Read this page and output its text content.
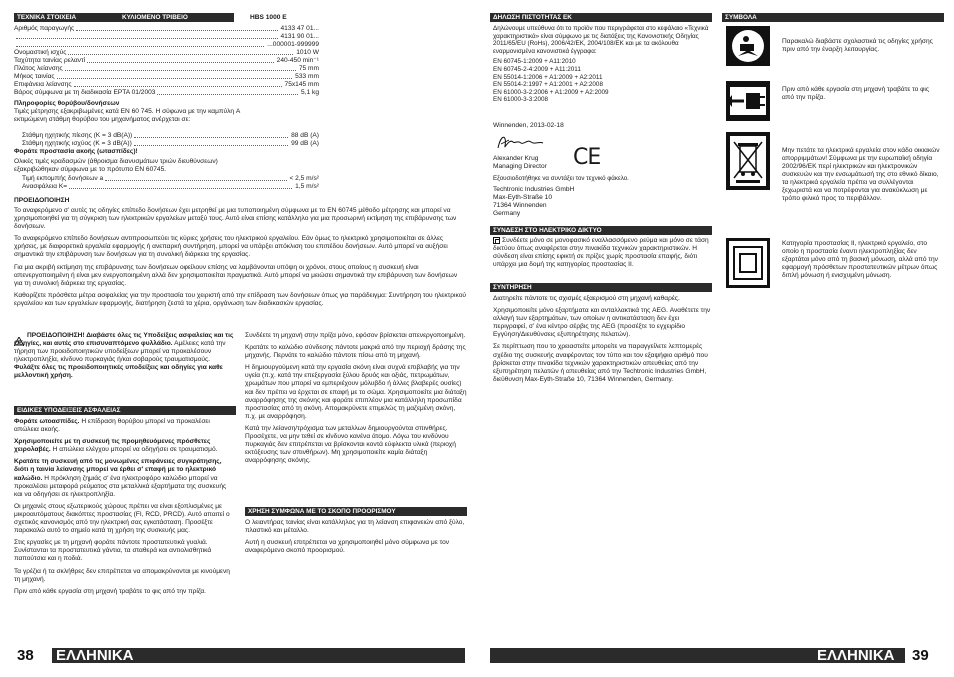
ΤΕΧΝΙΚΑ ΣΤΟΙΧΕΙΑ	ΚΥΛΙΟΜΕΝΟ ΤΡΙΒΕΙΟ	HBS 1000 E
Αριθμός παραγωγής	4133 47 01...
4131 90 01...
...000001-999999
Ονομαστική ισχύς	1010 W
Ταχύτητα ταινίας ρελαντί	240-450 min⁻¹
Πλάτος λείανσης	75 mm
Μήκος ταινίας	533 mm
Επιφάνεια λείανσης	75x145 mm
Βάρος σύμφωνα με τη διαδικασία EPTA 01/2003	5,1 kg
Πληροφορίες θορύβου/δονήσεων
Τιμές μέτρησης εξακριβωμένες κατά EN 60 745. Η σύφωνα με την καμπύλη A εκτιμώμενη στάθμη θορύβου του μηχανήματος ανέρχεται σε:
Στάθμη ηχητικής πίεσης (K = 3 dB(A))	88 dB (A)
Στάθμη ηχητικής ισχύος (K = 3 dB(A))	99 dB (A)
Φοράτε προστασία ακοής (ωτασπίδες)!
Ολικές τιμές κραδασμών (άθροισμα διανυσμάτων τριών διευθύνσεων) εξακριβώθηκαν σύμφωνα με το πρότυπο EN 60745.
Τιμή εκπομπής δονήσεων a	< 2,5 m/s²
Ανασφάλεια K=	1,5 m/s²
ΠΡΟΕΙΔΟΠΟΙΗΣΗ

Το αναφερόμενο σ' αυτές τις οδηγίες επίπεδο δονήσεων έχει μετρηθεί με μια τυποποιημένη σύμφωνα με το EN 60745 μέθοδο μέτρησης και μπορεί να χρησιμοποιηθεί για τη σύγκριση των ηλεκτρικών εργαλείων μεταξύ τους. Αυτό είναι επίσης κατάλληλο για μια προσωρινή εκτίμηση της επιβάρυνσης των δονήσεων.

Το αναφερόμενο επίπεδο δονήσεων αντιπροσωπεύει τις κύριες χρήσεις του ηλεκτρικού εργαλείου. Εάν όμως το ηλεκτρικό χρησιμοποιείται σε άλλες χρήσεις, με διαφορετικά εργαλεία εφαρμογής ή ανεπαρκή συντήρηση, μπορεί να υπάρξει απόκλιση του επιπέδου δονήσεων. Αυτό μπορεί να αυξήσει σημαντικά την επιβάρυνση των δονήσεων για τη συνολική διάρκεια της εργασίας.

Για μια ακριβή εκτίμηση της επιβάρυνσης των δονήσεων οφείλουν επίσης να λαμβάνονται υπόψη οι χρόνοι, στους οποίους η συσκευή είναι απενεργοποιημένη ή είναι μεν ενεργοποιημένη αλλά δεν χρησιμοποιείται πραγματικά. Αυτό μπορεί να μειώσει σημαντικά την επιβάρυνση των δονήσεων για τη συνολική διάρκεια της εργασίας.

Καθορίζετε πρόσθετα μέτρα ασφαλείας για την προστασία του χειριστή από την επίδραση των δονήσεων όπως για παράδειγμα: Συντήρηση του ηλεκτρικού εργαλείου και των εργαλείων εφαρμογής, διατήρηση ζεστά τα χέρια, οργάνωση των διαδικασιών εργασίας.

ΠΡΟΕΙΔΟΠΟΙΗΣΗ! Διαβάστε όλες τις Υποδείξεις ασφαλείας και τις Οδηγίες, και αυτές στο επισυναπτόμενο φυλλάδιο. Αμέλειες κατά την τήρηση των προειδοποιητικών υποδείξεων μπορεί να προκαλέσουν ηλεκτροπληξία, κίνδυνο πυρκαγιάς ή/και σοβαρούς τραυματισμούς.
Φυλάξτε όλες τις προειδοποιητικές υποδείξεις και οδηγίες για καθε μελλοντική χρήση.
ΕΙΔΙΚΕΣ ΥΠΟΔΕΙΞΕΙΣ ΑΣΦΑΛΕΙΑΣ

Φοράτε ωτοασπίδες. Η επίδραση θορύβου μπορεί να προκαλέσει απώλεια ακοής.

Χρησιμοποιείτε με τη συσκευή τις προμηθευόμενες πρόσθετες χειρολαβές. Η απώλεια ελέγχου μπορεί να οδηγήσει σε τραυματισμό.

Κρατάτε τη συσκευή από τις μονωμένες επιφάνειες συγκράτησης, διότι η ταινία λείανσης μπορεί να έρθει σ' επαφή με το ηλεκτρικό καλώδιο. Η πρόκληση ζημιάς σ' ένα ηλεκτροφόρο καλώδιο μπορεί να προκαλέσει μεταφορά ρεύματος στα μεταλλικά εξαρτήματα της συσκευής και να οδηγήσει σε ηλεκτροπληξία.

Οι μηχανές στους εξωτερικούς χώρους πρέπει να είναι εξοπλισμένες με μικροαυτόματους διακόπτες προστασίας (FI, RCD, PRCD). Αυτό απαιτεί ο σχετικός κανονισμός από την ηλεκτρική σας εγκατάσταση. Προσέξτε παρακαλώ αυτό το σημείο κατά τη χρήση της συσκευής μας.

Στις εργασίες με τη μηχανή φοράτε πάντοτε προστατευτικά γυαλιά. Συνίστανται τα προστατευτικά γάντια, τα σταθερά και αντιολισθητικά παπούτσια και η ποδιά.

Τα γρέζια ή τα σκλήθρες δεν επιτρέπεται να απομακρύνονται με κινούμενη τη μηχανή.

Πριν από κάθε εργασία στη μηχανή τραβάτε το φις από την πρίζα.

Συνδέετε τη μηχανή στην πρίζα μόνο, εφόσον βρίσκεται απενεργοποιημένη.

Κρατάτε το καλώδιο σύνδεσης πάντοτε μακριά από την περιοχή δράσης της μηχανής. Περνάτε το καλώδιο πάντοτε πίσω από τη μηχανή.

Η δημιουργούμενη κατά την εργασία σκόνη είναι συχνά επιβλαβής για την υγεία (π.χ. κατά την επεξεργασία ξύλου δρυός και οξιάς, πετρωμάτων, χρωμάτων που μπορεί να εμπεριέχουν μόλυβδο ή άλλες βλαβερές ουσίες) και δεν πρέπει να έρχεται σε επαφή με το σώμα. Χρησιμοποιείτε μια διάταξη αναρρόφησης της σκόνης και φοράτε επιπλέον μια κατάλληλη προσωπίδα προστασίας από τη σκόνη. Απομακρύνετε επιμελώς τη μαζεμένη σκόνη, π.χ. με αναρρόφηση.

Κατά την λείανση/τρόχισμα των μεταλλων δημιουργούνται σπινθήρες. Προσέχετε, να μην τεθεί σε κίνδυνο κανένα άτομο. Λόγω του κινδύνου πυρκαγιάς δεν επιτρέπεται να βρίσκονται κοντά εύφλεκτα υλικά (περιοχή εκτόξευσης των σπινθήρων). Μη χρησιμοποιείτε καμία διάταξη αναρρόφησης σκόνης.

ΧΡΗΣΗ ΣΥΜΦΩΝΑ ΜΕ ΤΟ ΣΚΟΠΟ ΠΡΟΟΡΙΣΜΟΥ

Ο λειαντήρας ταινίας είναι κατάλληλος για τη λείανση επιφανειών από ξύλο, πλαστικό και μέταλλο.

Αυτή η συσκευή επιτρέπεται να χρησιμοποιηθεί μόνο σύμφωνα με τον αναφερόμενο σκοπό προορισμού.

38 ΕΛΛΗΝΙΚΑ
ΔΗΛΩΣΗ ΠΙΣΤΟΤΗΤΑΣ ΕΚ
Δηλώνουμε υπεύθυνα ότι το προϊόν που περιγράφεται στο κεφάλαιο «Τεχνικά χαρακτηριστικά» είναι σύμφωνο με τις διατάξεις της Κανονιστικής Οδηγίας 2011/65/EU (RoHs), 2006/42/EK, 2004/108/EK και με τα ακόλουθα εναρμονισμένα κανονιστικά έγγραφα:
EN 60745-1:2009 + A11:2010
EN 60745-2-4:2009 + A11:2011
EN 55014-1:2006 + A1:2009 + A2:2011
EN 55014-2:1997 + A1:2001 + A2:2008
EN 61000-3-2:2006 + A1:2009 + A2:2009
EN 61000-3-3:2008
Winnenden, 2013-02-18
CE
Alexander Krug
Managing Director
Εξουσιοδοτήθηκε να συντάξει τον τεχνικό φάκελο.
Techtronic Industries GmbH
Max-Eyth-Straße 10
71364 Winnenden
Germany
ΣΥΝΔΕΣΗ ΣΤΟ ΗΛΕΚΤΡΙΚΟ ΔΙΚΤΥΟ
Συνδέετε μόνο σε μονοφασικό εναλλασσόμενο ρεύμα και μόνο σε τάση δικτύου όπως αναφέρεται στην πινακίδα τεχνικών χαρακτηριστικών. Η σύνδεση είναι επίσης εφικτή σε πρίζες χωρίς προστασία επαφής, διότι υπάρχει μια δομή της κατηγορίας προστασίας II.
ΣΥΝΤΗΡΗΣΗ

Διατηρείτε πάντοτε τις σχισμές εξαερισμού στη μηχανή καθαρές.

Χρησιμοποιείτε μόνο εξαρτήματα και ανταλλακτικά της AEG. Αναθέτετε την αλλαγή των εξαρτημάτων, των οποίων η αντικατάσταση δεν έχει περιγραφεί, σ' ένα κέντρο σέρβις της AEG (προσέξτε το εγχειρίδιο Εγγύηση/Διευθύνσεις εξυπηρέτησης πελατών).

Σε περίπτωση που το χρειαστείτε μπορείτε να παραγγείλετε λεπτομερές σχέδιο της συσκευής αναφέροντας τον τύπο και τον εξαψήφιο αριθμό που βρίσκεται στην πινακίδα τεχνικών χαρακτηριστικών απευθείας από την εξυπηρέτηση πελατών ή απευθείας από την Techtronic Industries GmbH, διεύθυνση Max-Eyth-Straße 10, 71364 Winnenden, Germany.

ΣΥΜΒΟΛΑ
Παρακαλώ διαβάστε σχολαστικά τις οδηγίες χρήσης πριν από την έναρξη λειτουργίας.
Πριν από κάθε εργασία στη μηχανή τραβάτε το φις από την πρίζα.
Μην πετάτε τα ηλεκτρικά εργαλεία στον κάδο οικιακών απορριμμάτων! Σύμφωνα με την ευρωπαϊκή οδηγία 2002/96/ΕΚ περί ηλεκτρικών και ηλεκτρονικών συσκευών και την ενσωμάτωσή της στο εθνικό δίκαιο, τα ηλεκτρικά εργαλεία πρέπει να συλλέγονται ξεχωριστά και να ποτρέφονται για ανακύκλωση με τρόπο φιλικό προς το περιβάλλον.
Κατηγορία προστασίας II, ηλεκτρικό εργαλείο, στο οποίο η προστασία έναντι ηλεκτροπληξίας δεν εξαρτάται μόνο από τη βασική μόνωση, αλλά από την εφαρμογή πρόσθετων προστατευτικών μέτρων όπως διπλή μόνωση ή ενισχυμένη μόνωση.
ΕΛΛΗΝΙΚΑ 39
